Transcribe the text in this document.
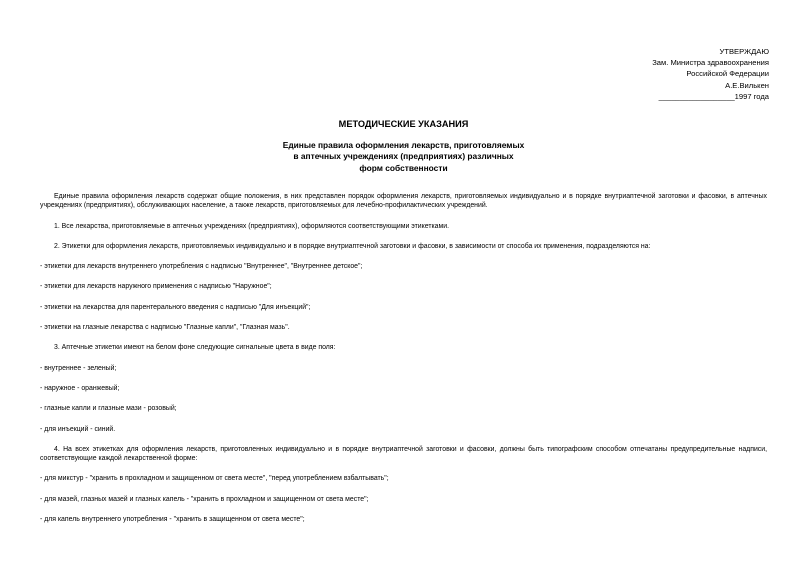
УТВЕРЖДАЮ
Зам. Министра здравоохранения
Российской Федерации
А.Е.Вилькен
__________________1997 года
МЕТОДИЧЕСКИЕ УКАЗАНИЯ
Единые правила оформления лекарств, приготовляемых
в аптечных учреждениях (предприятиях) различных
форм собственности

Единые правила оформления лекарств содержат общие положения, в них представлен порядок оформления лекарств, приготовляемых индивидуально и в порядке внутриаптечной заготовки и фасовки, в аптечных учреждениях (предприятиях), обслуживающих население, а также лекарств, приготовляемых для лечебно-профилактических учреждений.

1. Все лекарства, приготовляемые в аптечных учреждениях (предприятиях), оформляются соответствующими этикетками.

2. Этикетки для оформления лекарств, приготовляемых индивидуально и в порядке внутриаптечной заготовки и фасовки, в зависимости от способа их применения, подразделяются на:

- этикетки для лекарств внутреннего употребления с надписью "Внутреннее", "Внутреннее детское";

- этикетки для лекарств наружного применения с надписью "Наружное";

- этикетки на лекарства для парентерального введения с надписью "Для инъекций";

- этикетки на глазные лекарства с надписью "Глазные капли", "Глазная мазь".

3. Аптечные этикетки имеют на белом фоне следующие сигнальные цвета в виде поля:

- внутреннее - зеленый;

- наружное - оранжевый;

- глазные капли и глазные мази - розовый;

- для инъекций - синий.

4. На всех этикетках для оформления лекарств, приготовленных индивидуально и в порядке внутриаптечной заготовки и фасовки, должны быть типографским способом отпечатаны предупредительные надписи, соответствующие каждой лекарственной форме:

- для микстур - "хранить в прохладном и защищенном от света месте", "перед употреблением взбалтывать";

- для мазей, глазных мазей и глазных капель - "хранить в прохладном и защищенном от света месте";

- для капель внутреннего употребления - "хранить в защищенном от света месте";
